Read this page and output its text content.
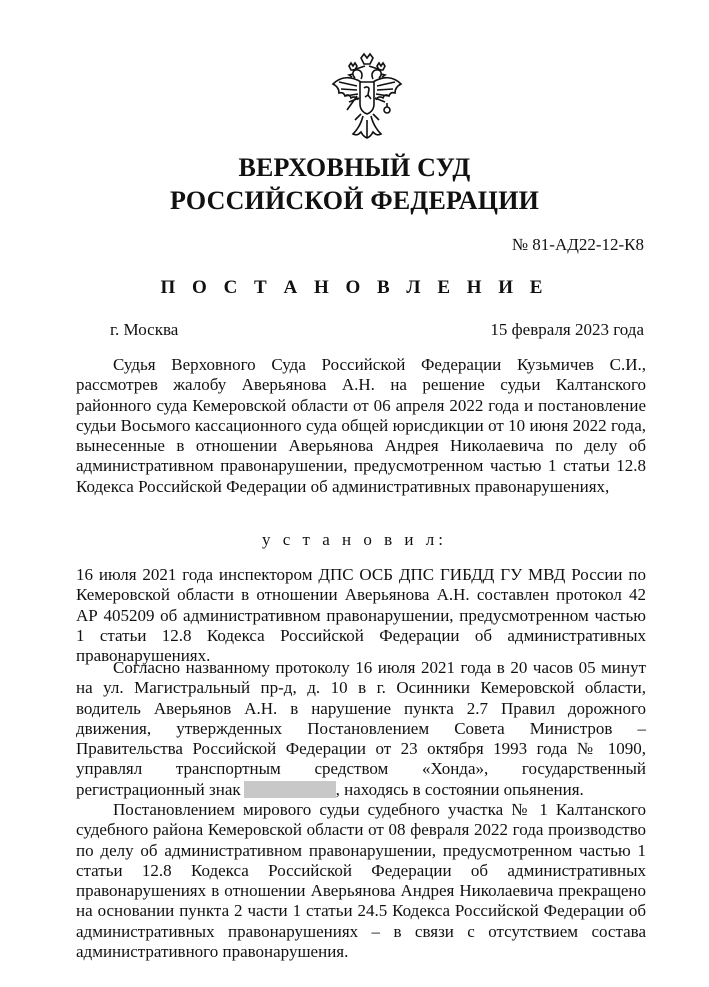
ВЕРХОВНЫЙ СУД
РОССИЙСКОЙ ФЕДЕРАЦИИ
№ 81-АД22-12-К8
П О С Т А Н О В Л Е Н И Е
г. Москва	15 февраля 2023 года
Судья Верховного Суда Российской Федерации Кузьмичев С.И., рассмотрев жалобу Аверьянова А.Н. на решение судьи Калтанского районного суда Кемеровской области от 06 апреля 2022 года и постановление судьи Восьмого кассационного суда общей юрисдикции от 10 июня 2022 года, вынесенные в отношении Аверьянова Андрея Николаевича по делу об административном правонарушении, предусмотренном частью 1 статьи 12.8 Кодекса Российской Федерации об административных правонарушениях,
у с т а н о в и л:
16 июля 2021 года инспектором ДПС ОСБ ДПС ГИБДД ГУ МВД России по Кемеровской области в отношении Аверьянова А.Н. составлен протокол 42 АР 405209 об административном правонарушении, предусмотренном частью 1 статьи 12.8 Кодекса Российской Федерации об административных правонарушениях.
Согласно названному протоколу 16 июля 2021 года в 20 часов 05 минут на ул. Магистральный пр-д, д. 10 в г. Осинники Кемеровской области, водитель Аверьянов А.Н. в нарушение пункта 2.7 Правил дорожного движения, утвержденных Постановлением Совета Министров – Правительства Российской Федерации от 23 октября 1993 года № 1090, управлял транспортным средством «Хонда», государственный регистрационный знак	, находясь в состоянии опьянения.
Постановлением мирового судьи судебного участка № 1 Калтанского судебного района Кемеровской области от 08 февраля 2022 года производство по делу об административном правонарушении, предусмотренном частью 1 статьи 12.8 Кодекса Российской Федерации об административных правонарушениях в отношении Аверьянова Андрея Николаевича прекращено на основании пункта 2 части 1 статьи 24.5 Кодекса Российской Федерации об административных правонарушениях – в связи с отсутствием состава административного правонарушения.
